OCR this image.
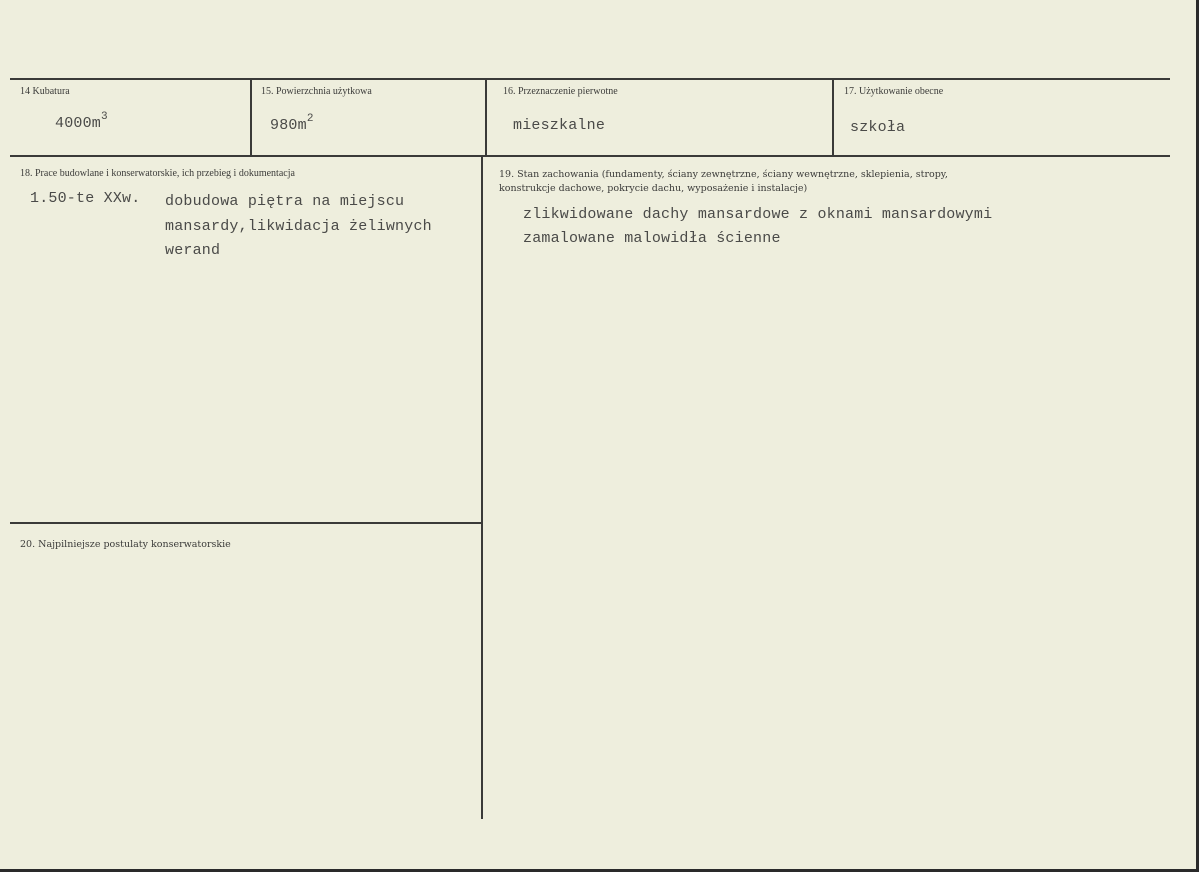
14 Kubatura
$4000m^3$
15. Powierzchnia użytkowa
$980m^2$
16. Przeznaczenie pierwotne
mieszkalne
17. Użytkowanie obecne
szkoła
18. Prace budowlane i konserwatorskie, ich przebieg i dokumentacja
1.50-te XXw. dobudowa piętra na miejscu
mansardy,likwidacja żeliwnych
werand
19. Stan zachowania (fundamenty, ściany zewnętrzne, ściany wewnętrzne, sklepienia, stropy,
konstrukcje dachowe, pokrycie dachu, wyposażenie i instalacje)
zlikwidowane dachy mansardowe z oknami mansardowymi
zamalowane malowidła ścienne
20. Najpilniejsze postulaty konserwatorskie
